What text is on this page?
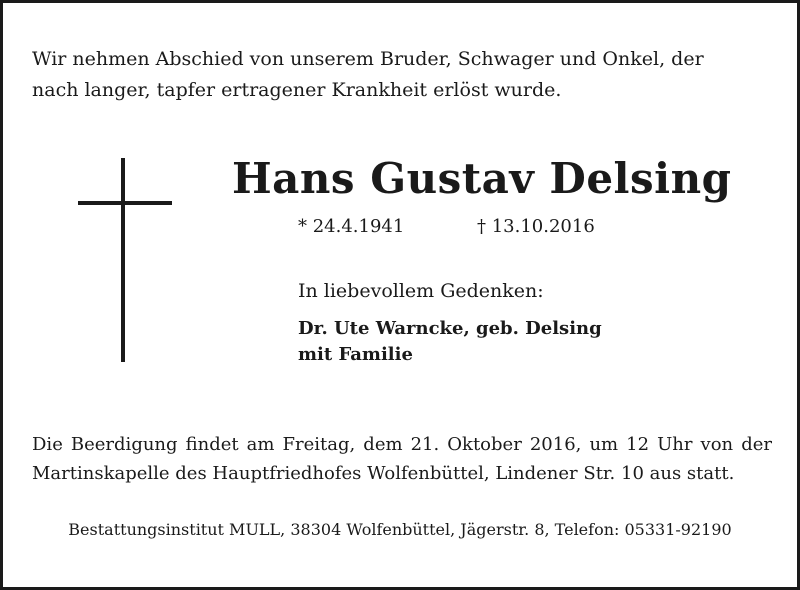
Wir nehmen Abschied von unserem Bruder, Schwager und Onkel, der
nach langer, tapfer ertragener Krankheit erlöst wurde.
Hans Gustav Delsing
* 24.4.1941	† 13.10.2016
In liebevollem Gedenken:
Dr. Ute Warncke, geb. Delsing
mit Familie
Die Beerdigung findet am Freitag, dem 21. Oktober 2016, um 12 Uhr von der
Martinskapelle des Hauptfriedhofes Wolfenbüttel, Lindener Str. 10 aus statt.
Bestattungsinstitut MULL, 38304 Wolfenbüttel, Jägerstr. 8, Telefon: 05331-92190
